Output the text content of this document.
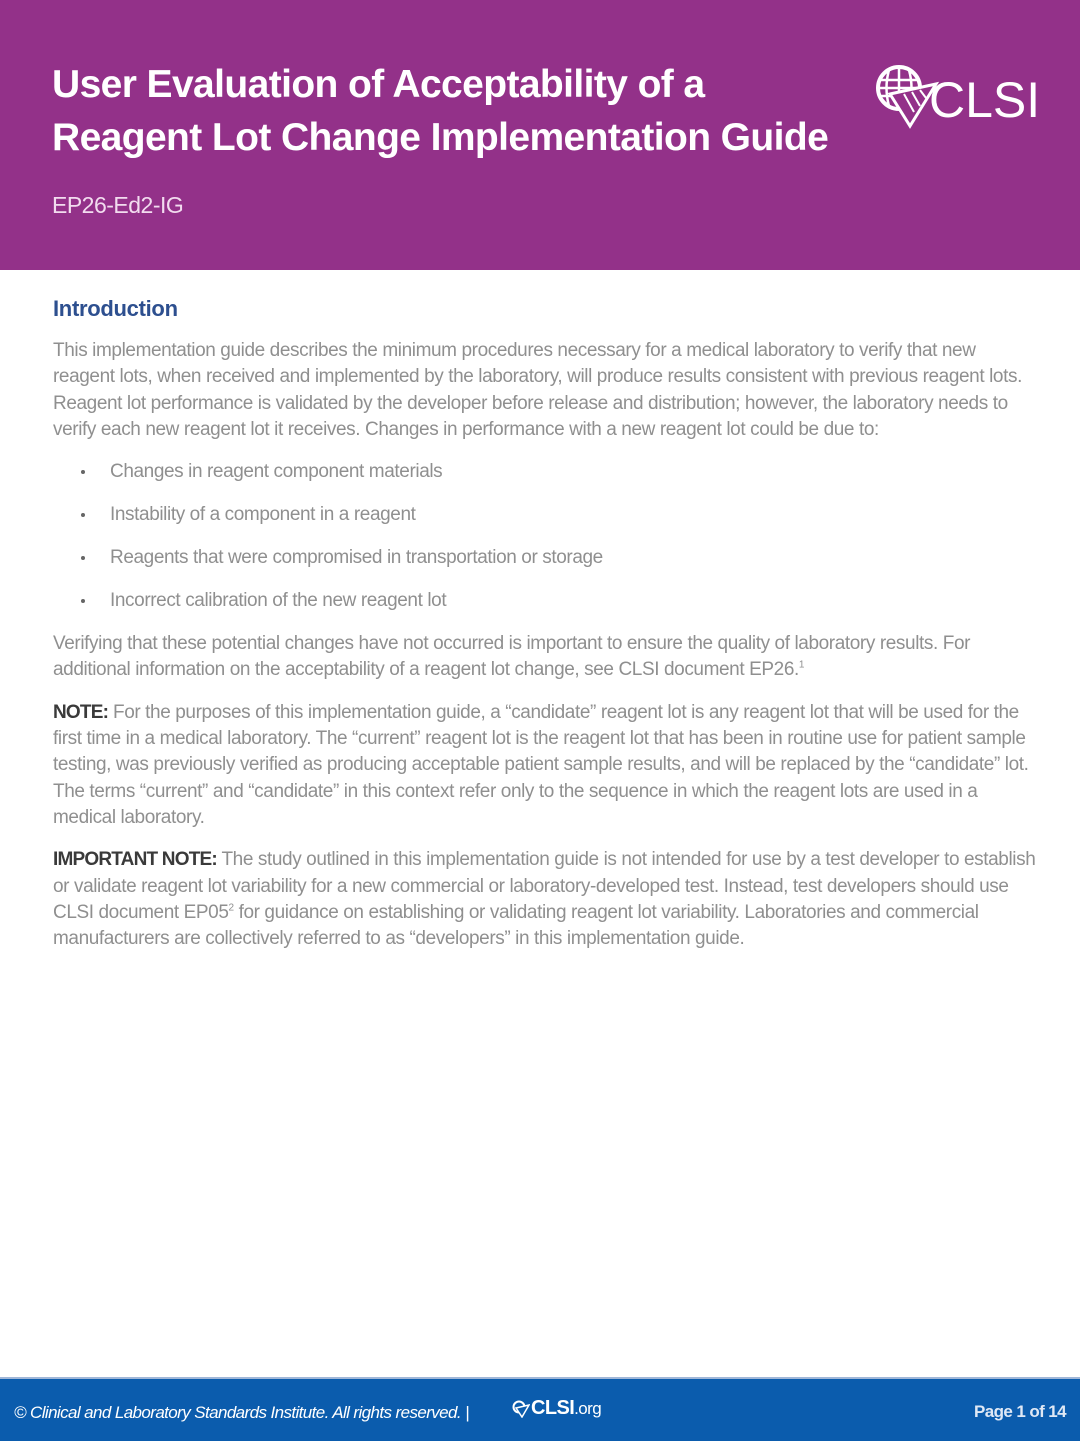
User Evaluation of Acceptability of a
Reagent Lot Change Implementation Guide
EP26-Ed2-IG
CLSI
Introduction

This implementation guide describes the minimum procedures necessary for a medical laboratory to verify that new reagent lots, when received and implemented by the laboratory, will produce results consistent with previous reagent lots. Reagent lot performance is validated by the developer before release and distribution; however, the laboratory needs to verify each new reagent lot it receives. Changes in performance with a new reagent lot could be due to:

Changes in reagent component materials
Instability of a component in a reagent
Reagents that were compromised in transportation or storage
Incorrect calibration of the new reagent lot

Verifying that these potential changes have not occurred is important to ensure the quality of laboratory results. For additional information on the acceptability of a reagent lot change, see CLSI document EP26.$^1$

NOTE: For the purposes of this implementation guide, a “candidate” reagent lot is any reagent lot that will be used for the first time in a medical laboratory. The “current” reagent lot is the reagent lot that has been in routine use for patient sample testing, was previously verified as producing acceptable patient sample results, and will be replaced by the “candidate” lot. The terms “current” and “candidate” in this context refer only to the sequence in which the reagent lots are used in a medical laboratory.

IMPORTANT NOTE: The study outlined in this implementation guide is not intended for use by a test developer to establish or validate reagent lot variability for a new commercial or laboratory-developed test. Instead, test developers should use CLSI document $EP05^2$ for guidance on establishing or validating reagent lot variability. Laboratories and commercial manufacturers are collectively referred to as “developers” in this implementation guide.

© Clinical and Laboratory Standards Institute. All rights reserved. |	CLSI .org	Page 1 of 14
